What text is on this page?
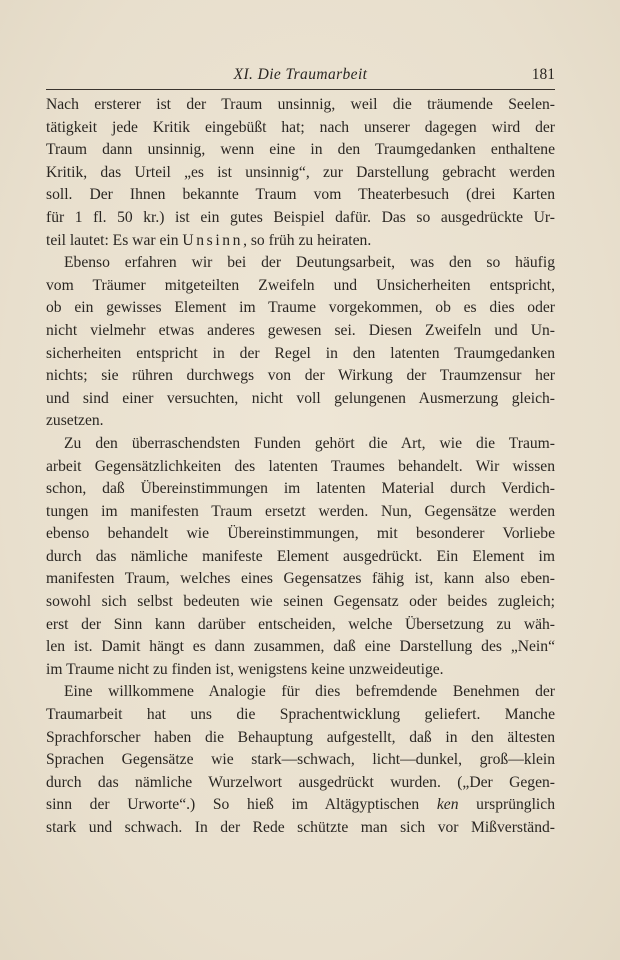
XI. Die Traumarbeit	181

Nach ersterer ist der Traum unsinnig, weil die träumende Seelen-
tätigkeit jede Kritik eingebüßt hat; nach unserer dagegen wird der
Traum dann unsinnig, wenn eine in den Traumgedanken enthaltene
Kritik, das Urteil „es ist unsinnig“, zur Darstellung gebracht werden
soll. Der Ihnen bekannte Traum vom Theaterbesuch (drei Karten
für 1 fl. 50 kr.) ist ein gutes Beispiel dafür. Das so ausgedrückte Ur-
teil lautet: Es war ein Unsinn, so früh zu heiraten.
Ebenso erfahren wir bei der Deutungsarbeit, was den so häufig
vom Träumer mitgeteilten Zweifeln und Unsicherheiten entspricht,
ob ein gewisses Element im Traume vorgekommen, ob es dies oder
nicht vielmehr etwas anderes gewesen sei. Diesen Zweifeln und Un-
sicherheiten entspricht in der Regel in den latenten Traumgedanken
nichts; sie rühren durchwegs von der Wirkung der Traumzensur her
und sind einer versuchten, nicht voll gelungenen Ausmerzung gleich-
zusetzen.
Zu den überraschendsten Funden gehört die Art, wie die Traum-
arbeit Gegensätzlichkeiten des latenten Traumes behandelt. Wir wissen
schon, daß Übereinstimmungen im latenten Material durch Verdich-
tungen im manifesten Traum ersetzt werden. Nun, Gegensätze werden
ebenso behandelt wie Übereinstimmungen, mit besonderer Vorliebe
durch das nämliche manifeste Element ausgedrückt. Ein Element im
manifesten Traum, welches eines Gegensatzes fähig ist, kann also eben-
sowohl sich selbst bedeuten wie seinen Gegensatz oder beides zugleich;
erst der Sinn kann darüber entscheiden, welche Übersetzung zu wäh-
len ist. Damit hängt es dann zusammen, daß eine Darstellung des „Nein“
im Traume nicht zu finden ist, wenigstens keine unzweideutige.
Eine willkommene Analogie für dies befremdende Benehmen der
Traumarbeit hat uns die Sprachentwicklung geliefert. Manche
Sprachforscher haben die Behauptung aufgestellt, daß in den ältesten
Sprachen Gegensätze wie stark—schwach, licht—dunkel, groß—klein
durch das nämliche Wurzelwort ausgedrückt wurden. („Der Gegen-
sinn der Urworte“.) So hieß im Altägyptischen ken ursprünglich
stark und schwach. In der Rede schützte man sich vor Mißverständ-
